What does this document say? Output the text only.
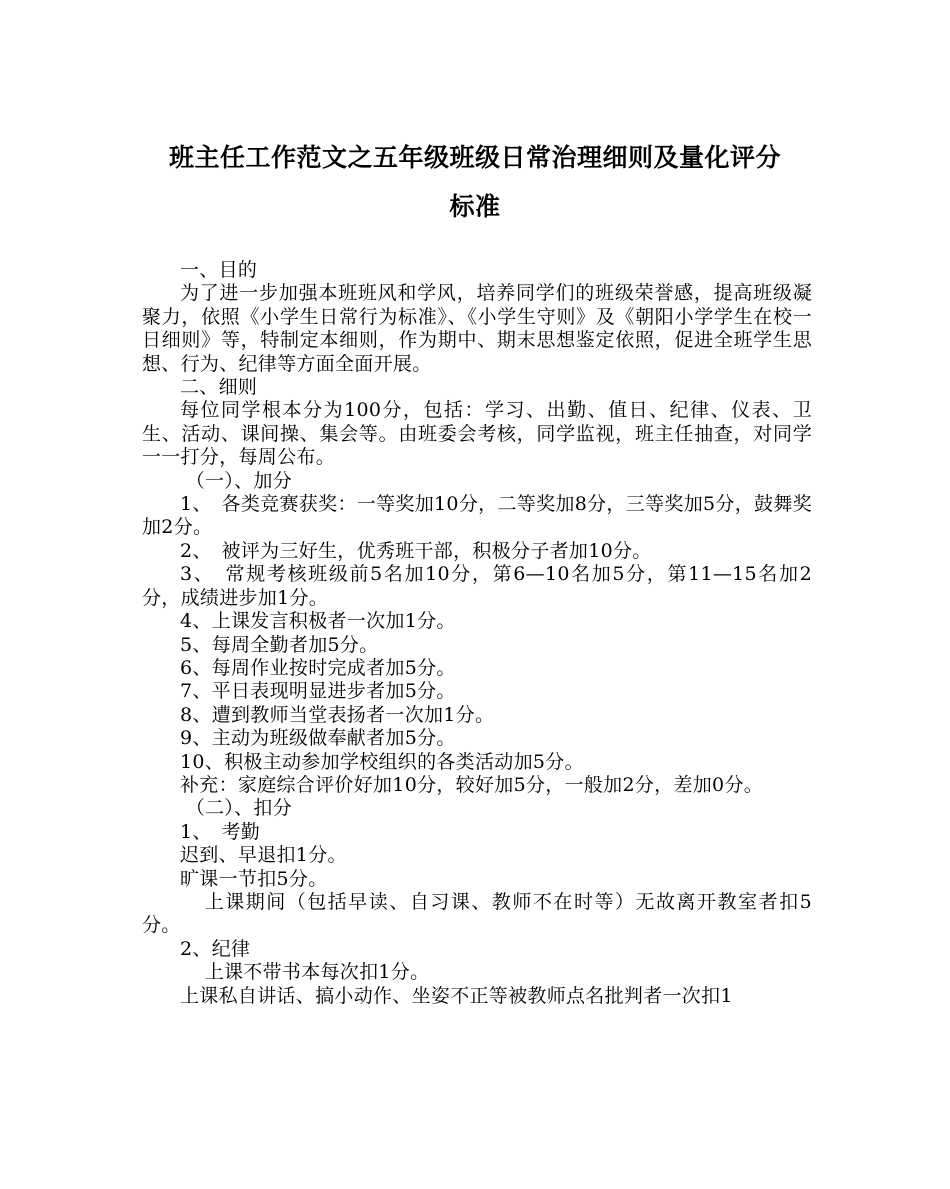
班主任工作范文之五年级班级日常治理细则及量化评分
标准

一、目的

为了进一步加强本班班风和学风，培养同学们的班级荣誉感，提高班级凝聚力，依照《小学生日常行为标准》、《小学生守则》及《朝阳小学学生在校一日细则》等，特制定本细则，作为期中、期末思想鉴定依照，促进全班学生思想、行为、纪律等方面全面开展。

二、细则

每位同学根本分为100分，包括：学习、出勤、值日、纪律、仪表、卫生、活动、课间操、集会等。由班委会考核，同学监视，班主任抽查，对同学一一打分，每周公布。

（一）、加分

1、　各类竞赛获奖：一等奖加10分，二等奖加8分，三等奖加5分，鼓舞奖加2分。

2、　被评为三好生，优秀班干部，积极分子者加10分。

3、　常规考核班级前5名加10分，第6—10名加5分，第11—15名加2分，成绩进步加1分。

4、上课发言积极者一次加1分。

5、每周全勤者加5分。

6、每周作业按时完成者加5分。

7、平日表现明显进步者加5分。

8、遭到教师当堂表扬者一次加1分。

9、主动为班级做奉献者加5分。

10、积极主动参加学校组织的各类活动加5分。

补充：家庭综合评价好加10分，较好加5分，一般加2分，差加0分。

（二）、扣分

1、　考勤

迟到、早退扣1分。

旷课一节扣5分。

上课期间（包括早读、自习课、教师不在时等）无故离开教室者扣5分。

2、纪律

上课不带书本每次扣1分。

上课私自讲话、搞小动作、坐姿不正等被教师点名批判者一次扣1
